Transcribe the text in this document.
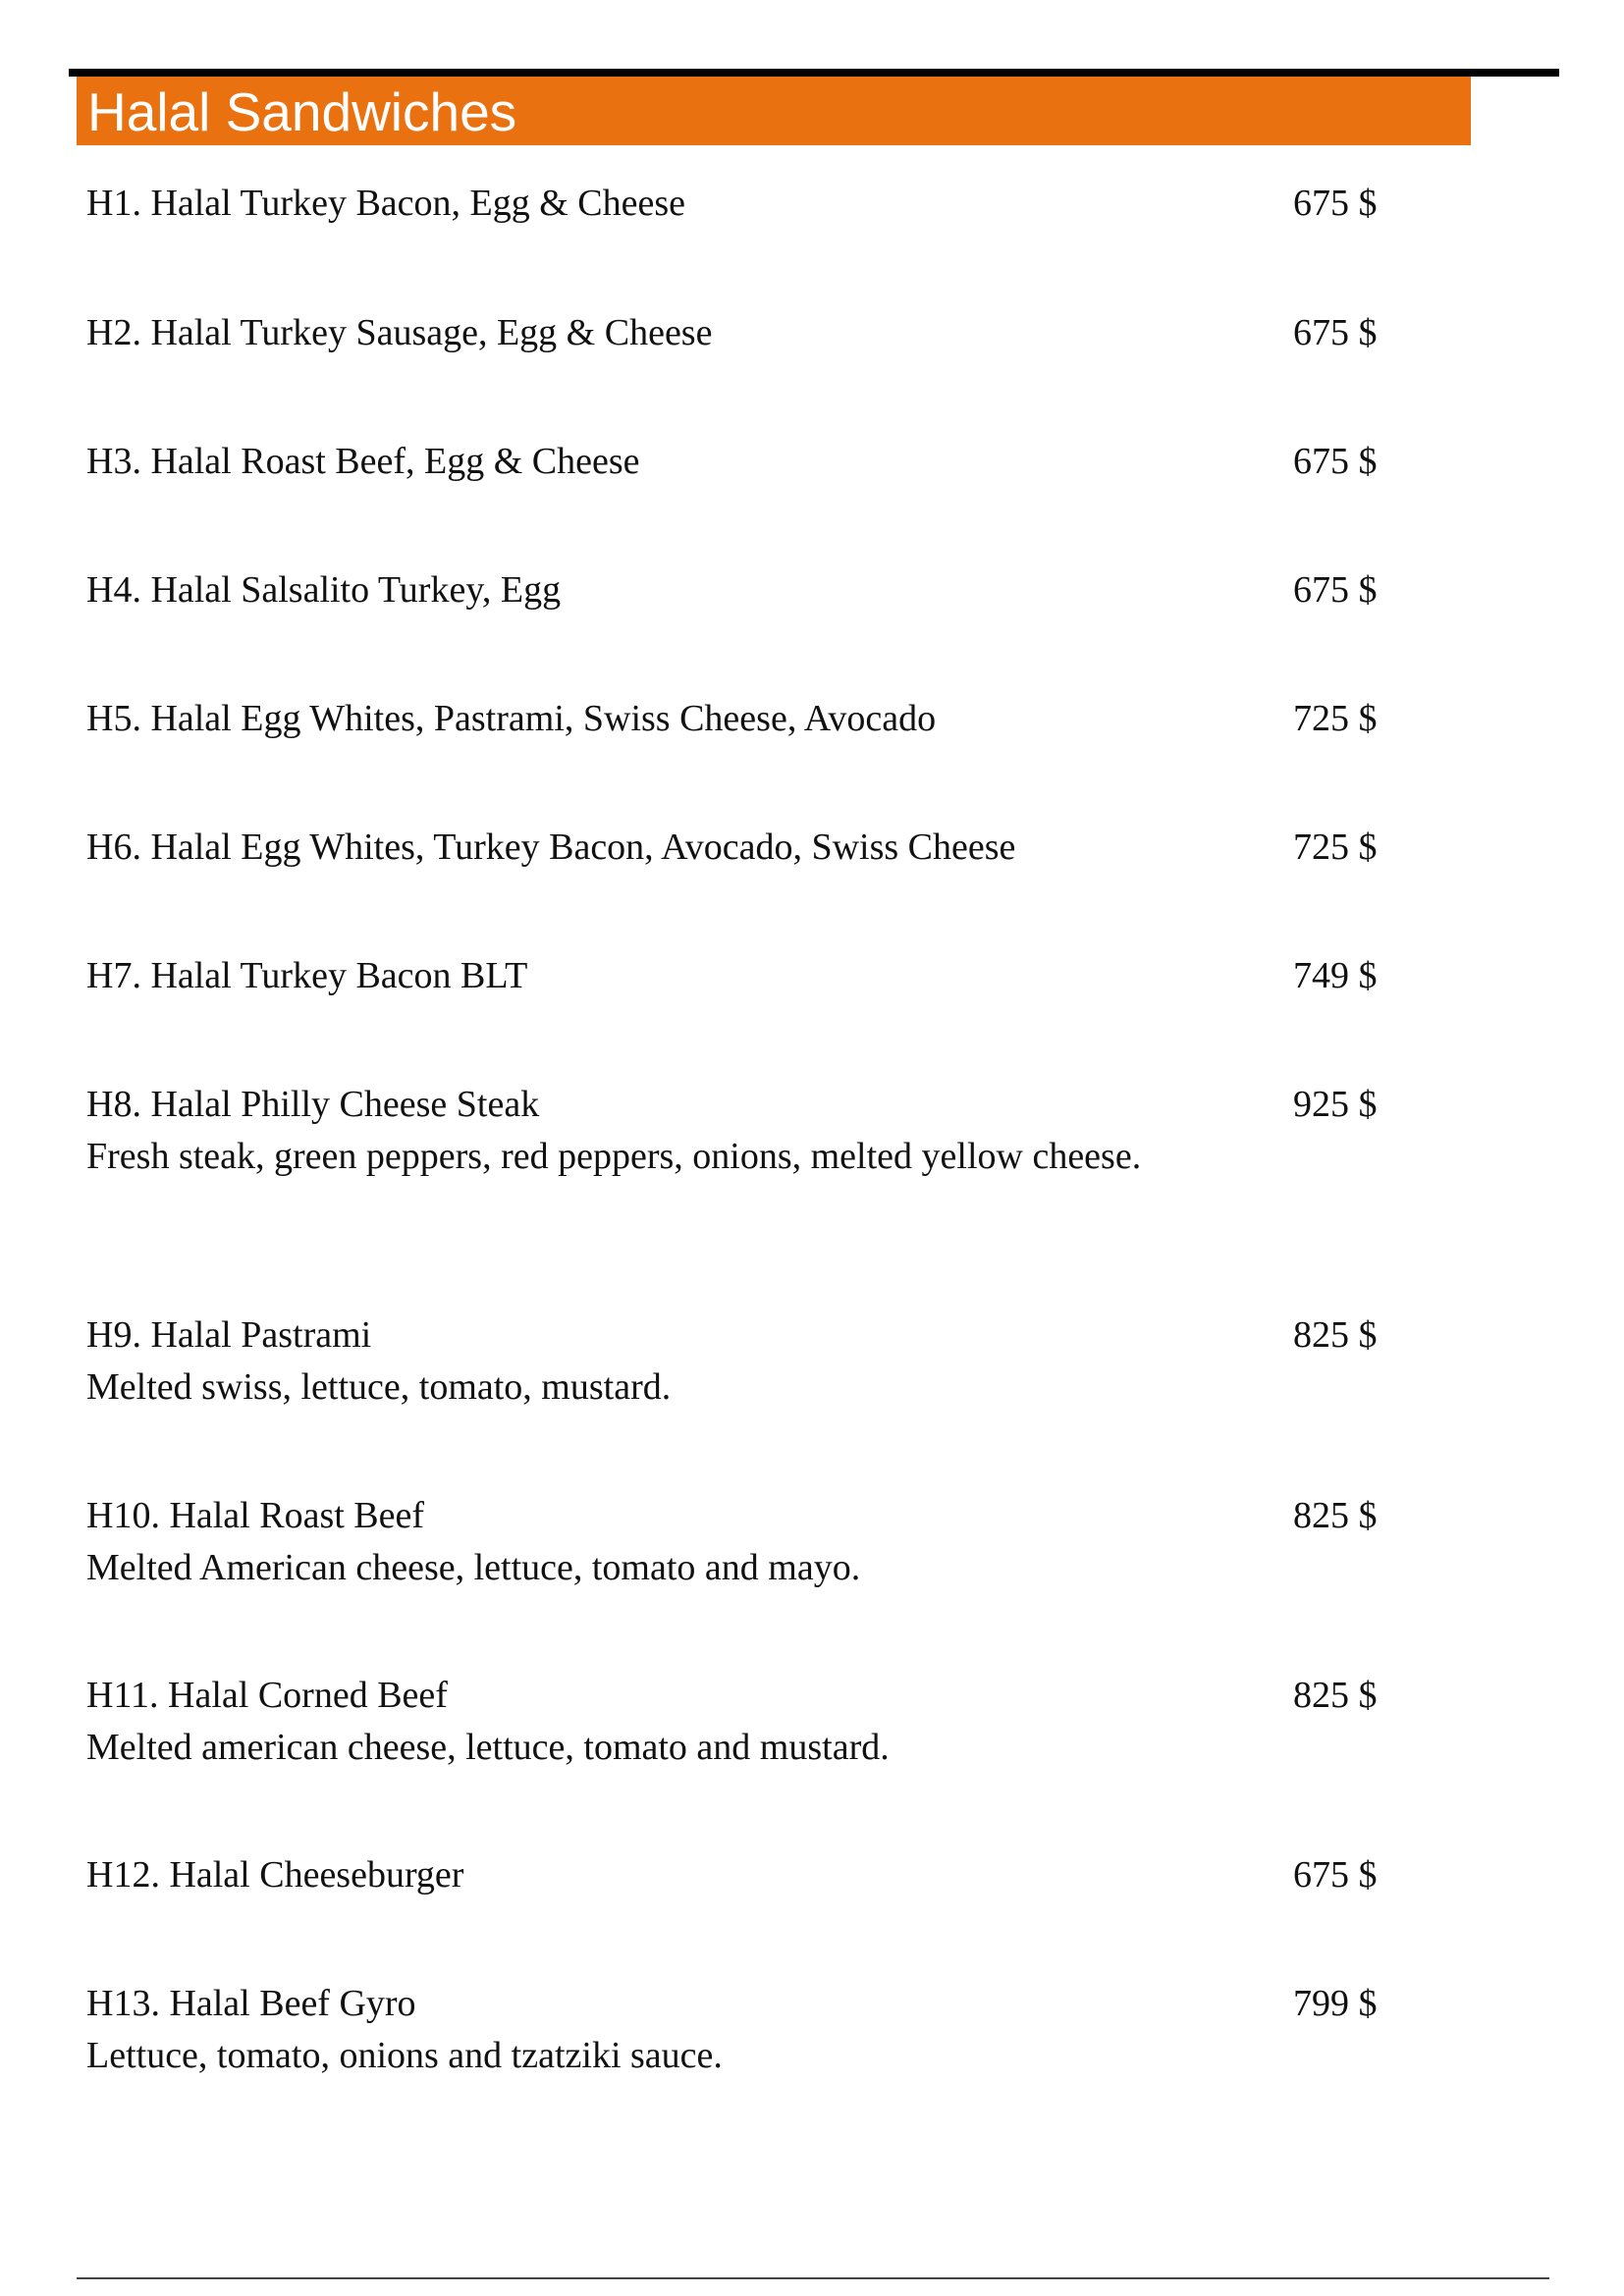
Halal Sandwiches
H1. Halal Turkey Bacon, Egg & Cheese	675 $
H2. Halal Turkey Sausage, Egg & Cheese	675 $
H3. Halal Roast Beef, Egg & Cheese	675 $
H4. Halal Salsalito Turkey, Egg	675 $
H5. Halal Egg Whites, Pastrami, Swiss Cheese, Avocado	725 $
H6. Halal Egg Whites, Turkey Bacon, Avocado, Swiss Cheese	725 $
H7. Halal Turkey Bacon BLT	749 $
H8. Halal Philly Cheese Steak	925 $
Fresh steak, green peppers, red peppers, onions, melted yellow cheese.
H9. Halal Pastrami	825 $
Melted swiss, lettuce, tomato, mustard.
H10. Halal Roast Beef	825 $
Melted American cheese, lettuce, tomato and mayo.
H11. Halal Corned Beef	825 $
Melted american cheese, lettuce, tomato and mustard.
H12. Halal Cheeseburger	675 $
H13. Halal Beef Gyro	799 $
Lettuce, tomato, onions and tzatziki sauce.
